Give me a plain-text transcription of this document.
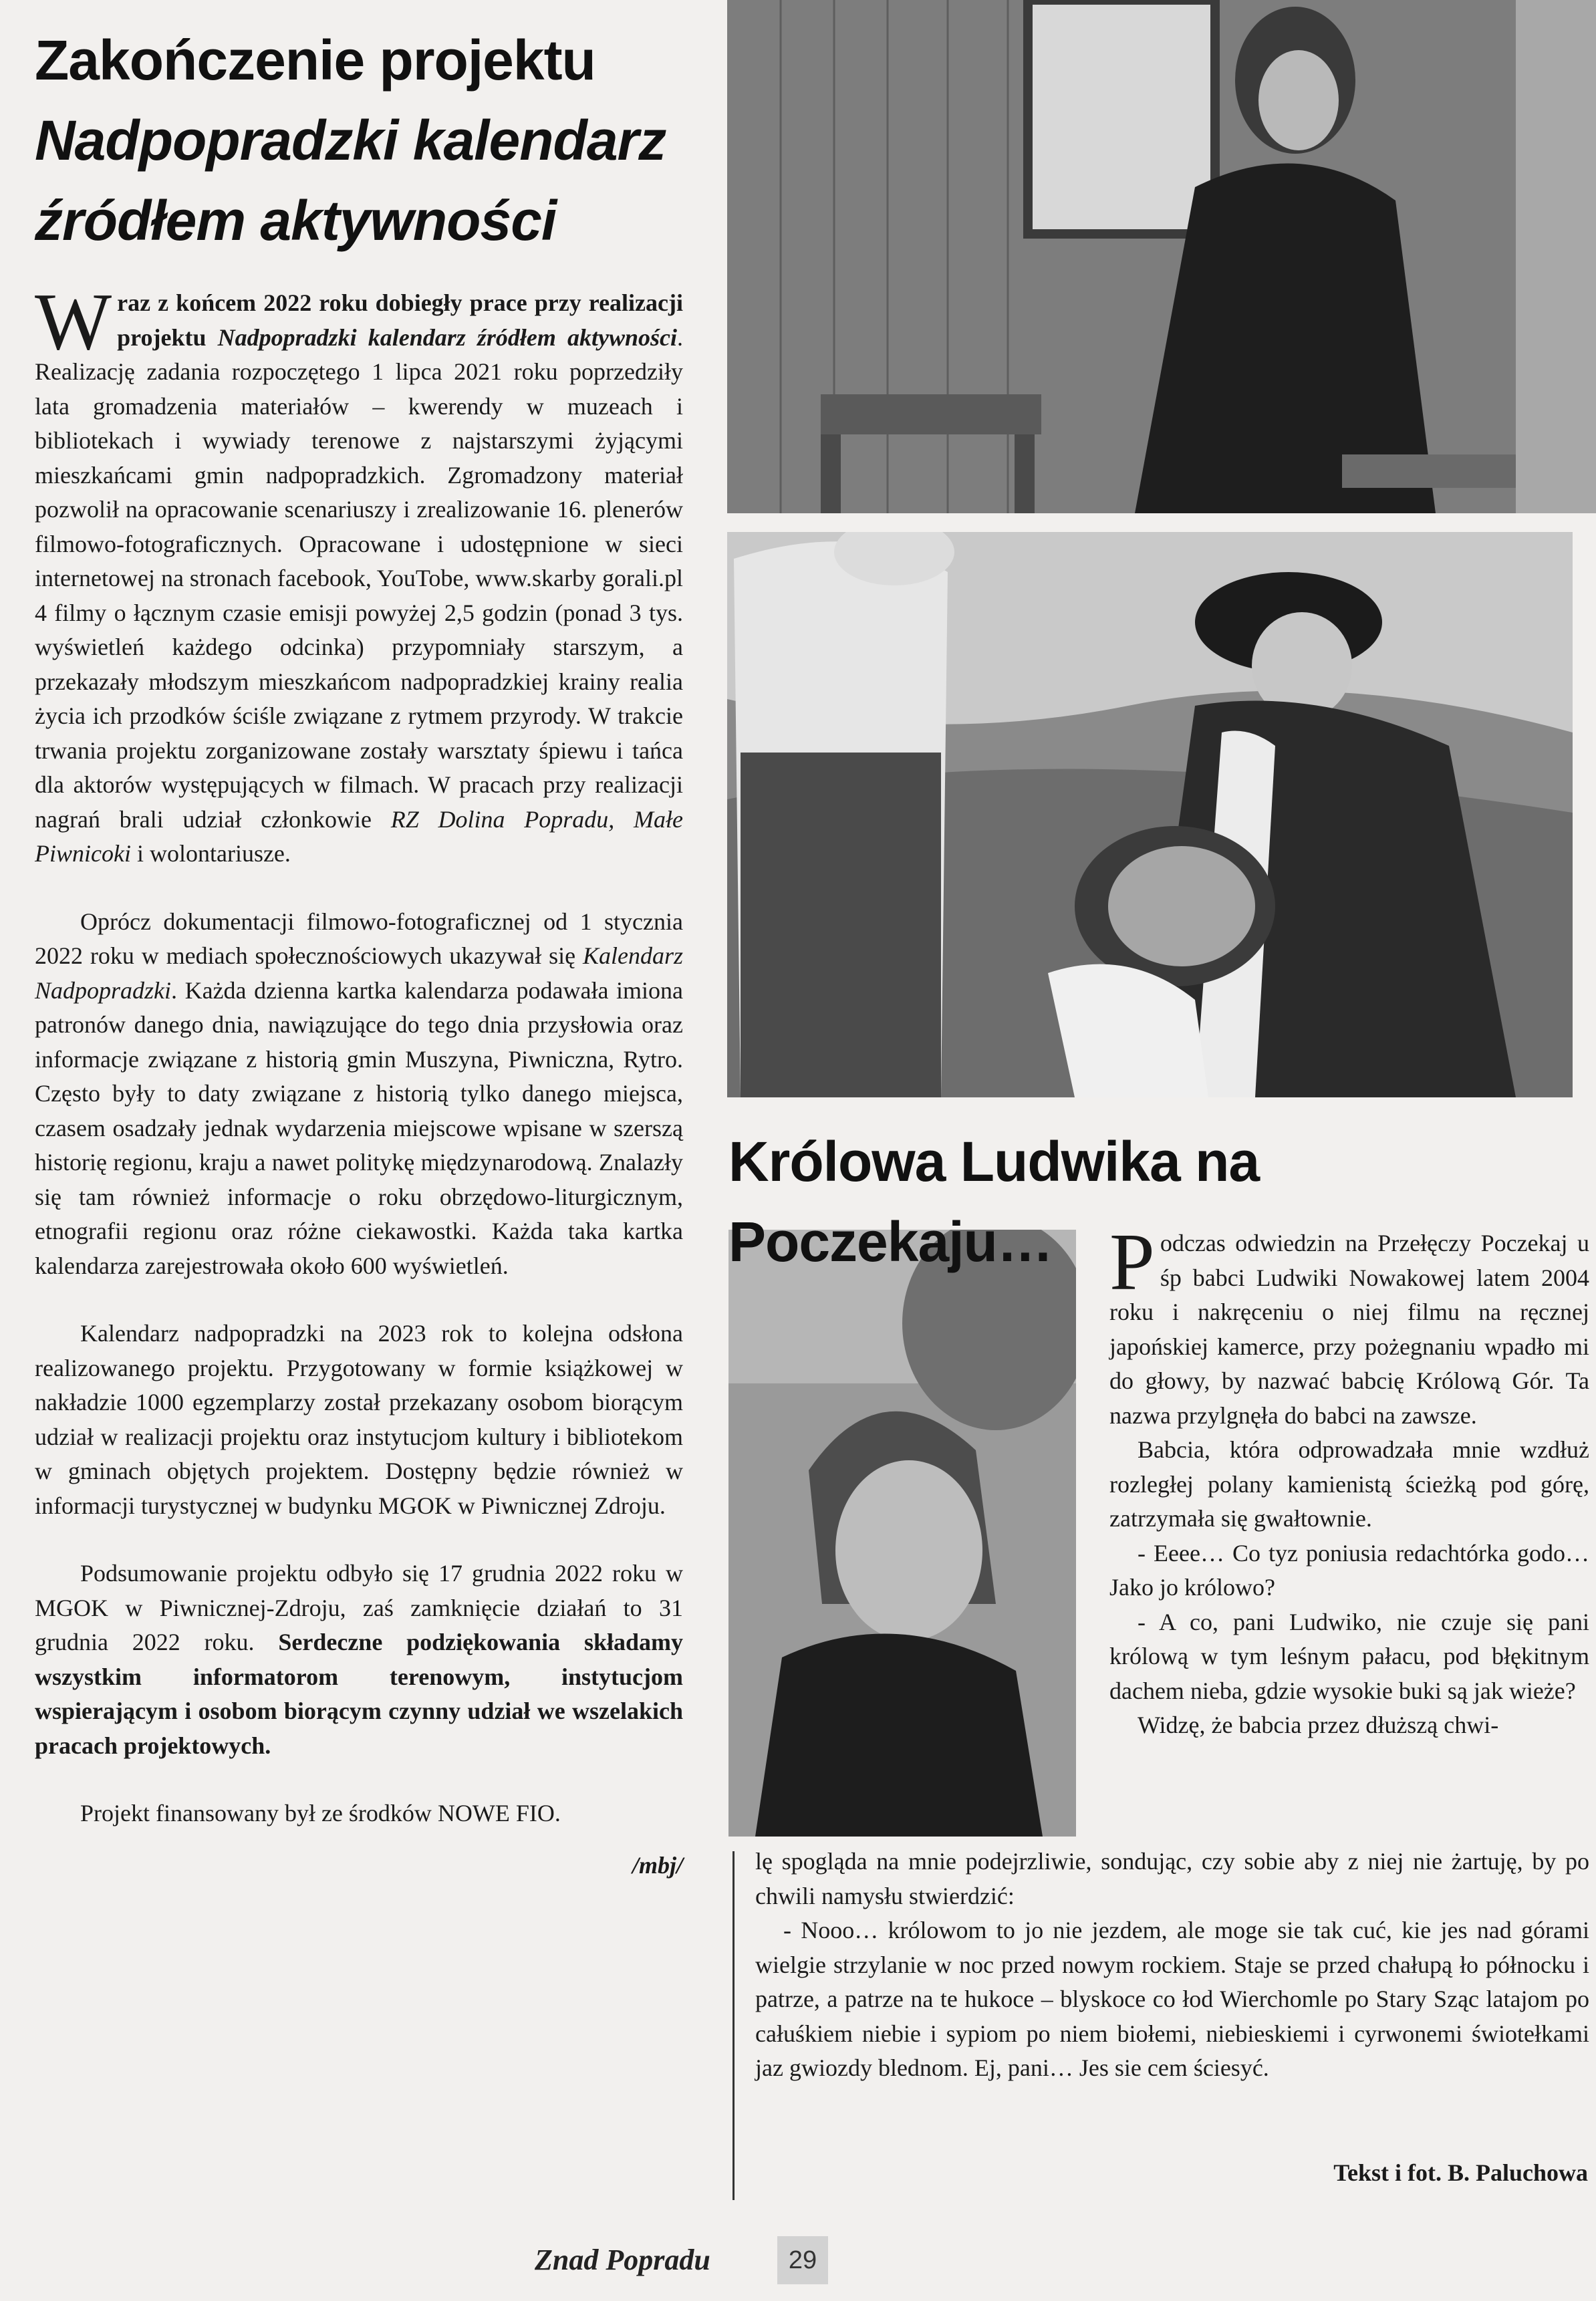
Zakończenie projektu
Nadpopradzki kalendarz
źródłem aktywności

Wraz z końcem 2022 roku dobiegły prace przy realizacji projektu Nadpopradzki kalendarz źródłem aktywności. Realizację zadania rozpoczętego 1 lipca 2021 roku poprzedziły lata gromadzenia materiałów – kwerendy w muzeach i bibliotekach i wywiady terenowe z najstarszymi żyjącymi mieszkańcami gmin nadpopradzkich. Zgromadzony materiał pozwolił na opracowanie scenariuszy i zrealizowanie 16. plenerów filmowo-fotograficznych. Opracowane i udostępnione w sieci internetowej na stronach facebook, YouTobe, www.skarby gorali.pl 4 filmy o łącznym czasie emisji powyżej 2,5 godzin (ponad 3 tys. wyświetleń każdego odcinka) przypomniały starszym, a przekazały młodszym mieszkańcom nadpopradzkiej krainy realia życia ich przodków ściśle związane z rytmem przyrody. W trakcie trwania projektu zorganizowane zostały warsztaty śpiewu i tańca dla aktorów występujących w filmach. W pracach przy realizacji nagrań brali udział członkowie RZ Dolina Popradu, Małe Piwnicoki i wolontariusze.

Oprócz dokumentacji filmowo-fotograficznej od 1 stycznia 2022 roku w mediach społecznościowych ukazywał się Kalendarz Nadpopradzki. Każda dzienna kartka kalendarza podawała imiona patronów danego dnia, nawiązujące do tego dnia przysłowia oraz informacje związane z historią gmin Muszyna, Piwniczna, Rytro. Często były to daty związane z historią tylko danego miejsca, czasem osadzały jednak wydarzenia miejscowe wpisane w szerszą historię regionu, kraju a nawet politykę międzynarodową. Znalazły się tam również informacje o roku obrzędowo-liturgicznym, etnografii regionu oraz różne ciekawostki. Każda taka kartka kalendarza zarejestrowała około 600 wyświetleń.

Kalendarz nadpopradzki na 2023 rok to kolejna odsłona realizowanego projektu. Przygotowany w formie książkowej w nakładzie 1000 egzemplarzy został przekazany osobom biorącym udział w realizacji projektu oraz instytucjom kultury i bibliotekom w gminach objętych projektem. Dostępny będzie również w informacji turystycznej w budynku MGOK w Piwnicznej Zdroju.

Podsumowanie projektu odbyło się 17 grudnia 2022 roku w MGOK w Piwnicznej-Zdroju, zaś zamknięcie działań to 31 grudnia 2022 roku. Serdeczne podziękowania składamy wszystkim informatorom terenowym, instytucjom wspierającym i osobom biorącym czynny udział we wszelakich pracach projektowych.

Projekt finansowany był ze środków NOWE FIO.

/mbj/
Królowa Ludwika na Poczekaju… Podczas odwiedzin na Przełęczy Poczekaj u śp babci Ludwiki Nowakowej latem 2004 roku i nakręceniu o niej filmu na ręcznej japońskiej kamerce, przy pożegnaniu wpadło mi do głowy, by nazwać babcię Królową Gór. Ta nazwa przylgnęła do babci na zawsze.

Babcia, która odprowadzała mnie wzdłuż rozległej polany kamienistą ścieżką pod górę, zatrzymała się gwałtownie.

- Eeee… Co tyz poniusia redachtórka godo…Jako jo królowo?

- A co, pani Ludwiko, nie czuje się pani królową w tym leśnym pałacu, pod błękitnym dachem nieba, gdzie wysokie buki są jak wieże?

Widzę, że babcia przez dłuższą chwi-

lę spogląda na mnie podejrzliwie, sondując, czy sobie aby z niej nie żartuję, by po chwili namysłu stwierdzić:

- Nooo… królowom to jo nie jezdem, ale moge sie tak cuć, kie jes nad górami wielgie strzylanie w noc przed nowym rockiem. Staje se przed chałupą ło północku i patrze, a patrze na te hukoce – blyskoce co łod Wierchomle po Stary Sząc latajom po całuśkiem niebie i sypiom po niem biołemi, niebieskiemi i cyrwonemi świotełkami jaz gwiozdy blednom. Ej, pani… Jes sie cem ściesyć.

Tekst i fot. B. Paluchowa
Znad Popradu	29
